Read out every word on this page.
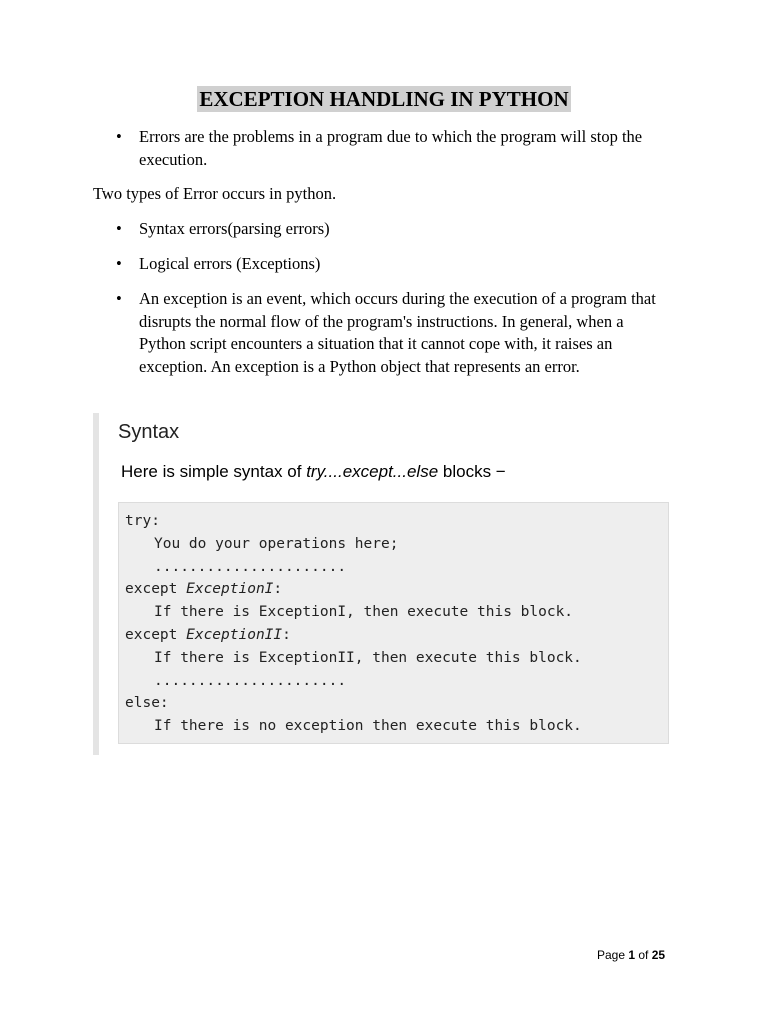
EXCEPTION HANDLING IN PYTHON
• Errors are the problems in a program due to which the program will stop the execution.
Two types of Error occurs in python.
• Syntax errors(parsing errors)
• Logical errors (Exceptions)
• An exception is an event, which occurs during the execution of a program that disrupts the normal flow of the program's instructions. In general, when a Python script encounters a situation that it cannot cope with, it raises an exception. An exception is a Python object that represents an error.
Syntax
Here is simple syntax of try....except...else blocks −
try:
You do your operations here;
......................
except ExceptionI:
If there is ExceptionI, then execute this block.
except ExceptionII:
If there is ExceptionII, then execute this block.
......................
else:
If there is no exception then execute this block.
Page 1 of 25
